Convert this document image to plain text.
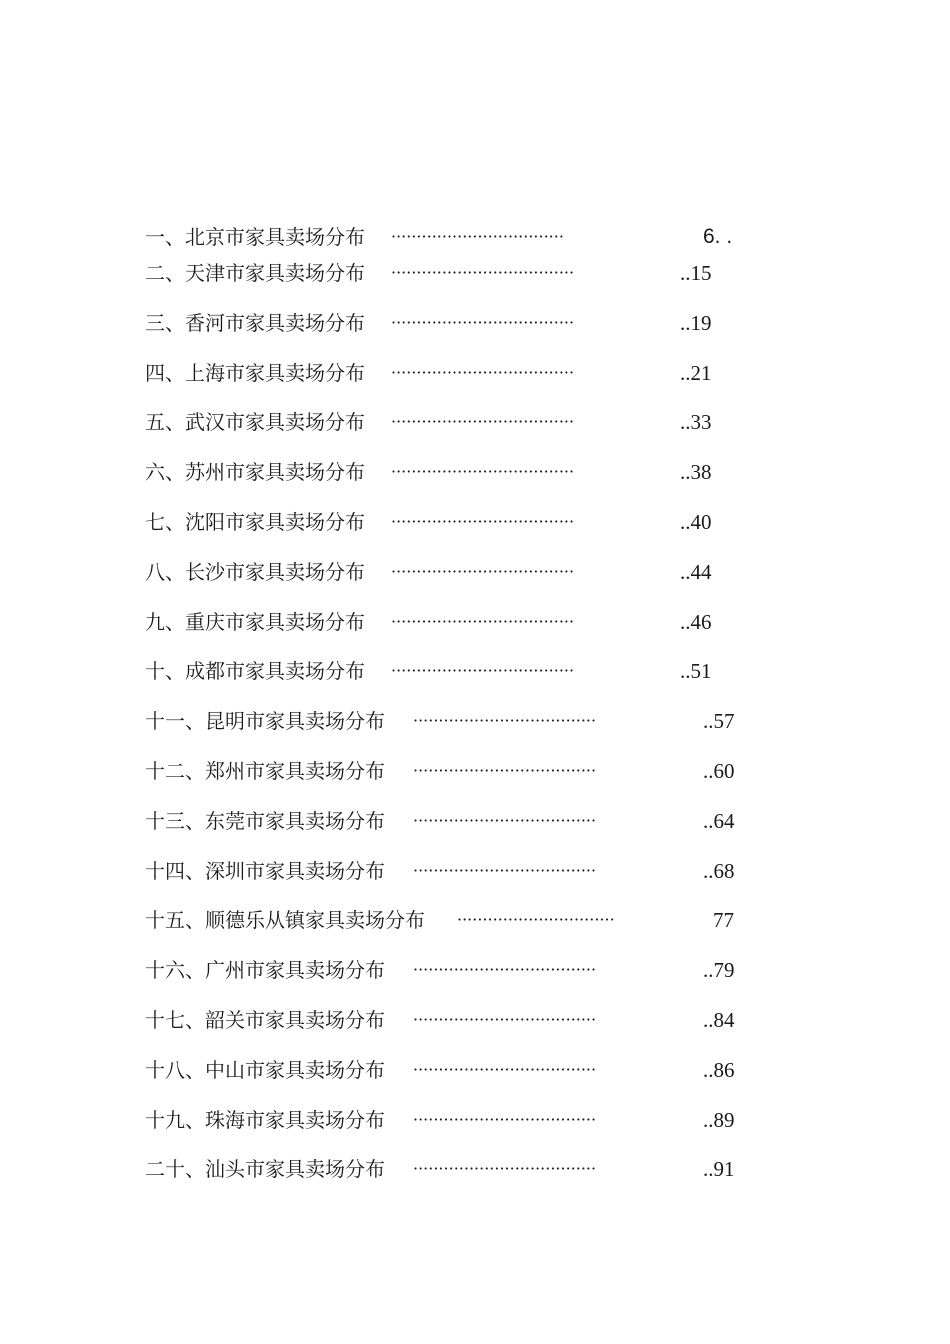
一、北京市家具卖场分布 ··································	6. .
二、天津市家具卖场分布 ····································	..15
三、香河市家具卖场分布 ····································	..19
四、上海市家具卖场分布 ····································	..21
五、武汉市家具卖场分布 ····································	..33
六、苏州市家具卖场分布 ····································	..38
七、沈阳市家具卖场分布 ····································	..40
八、长沙市家具卖场分布 ····································	..44
九、重庆市家具卖场分布 ····································	..46
十、成都市家具卖场分布 ····································	..51
十一、昆明市家具卖场分布 ····································	..57
十二、郑州市家具卖场分布 ····································	..60
十三、东莞市家具卖场分布 ····································	..64
十四、深圳市家具卖场分布 ····································	..68
十五、顺德乐从镇家具卖场分布 ·······························	77
十六、广州市家具卖场分布 ····································	..79
十七、韶关市家具卖场分布 ····································	..84
十八、中山市家具卖场分布 ····································	..86
十九、珠海市家具卖场分布 ····································	..89
二十、汕头市家具卖场分布 ····································	..91
